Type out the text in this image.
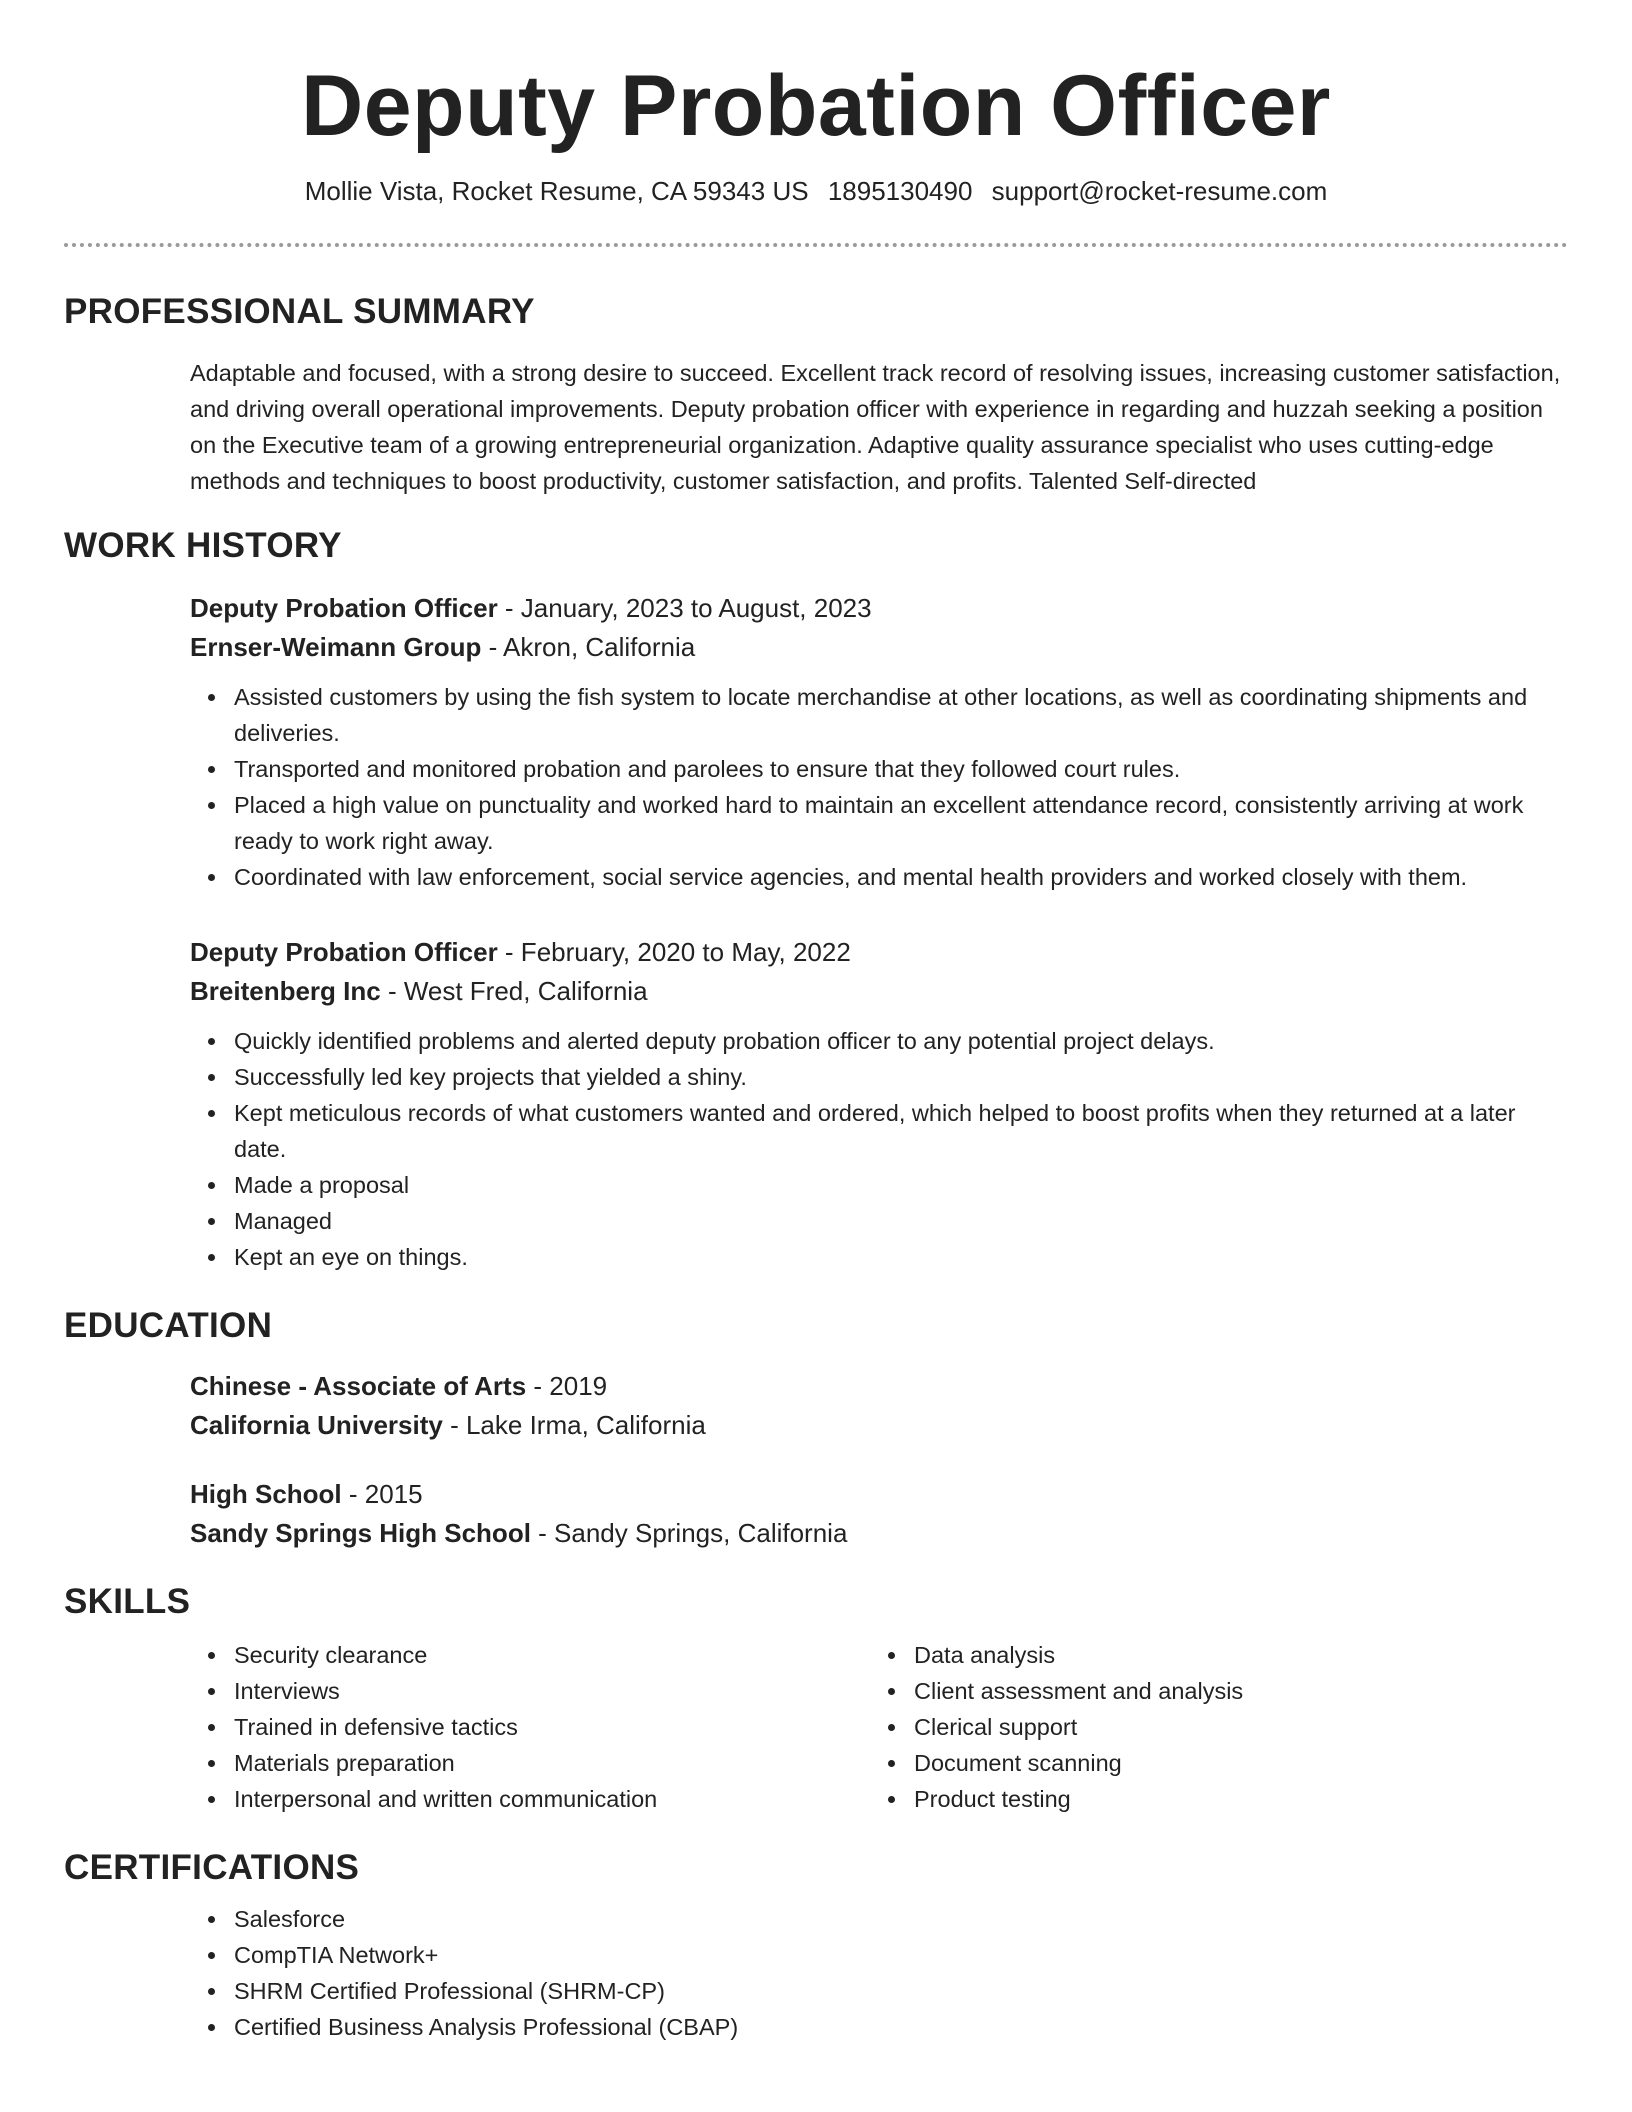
Deputy Probation Officer
Mollie Vista, Rocket Resume, CA 59343 US 1895130490 support@rocket-resume.com
PROFESSIONAL SUMMARY
Adaptable and focused, with a strong desire to succeed. Excellent track record of resolving issues, increasing customer satisfaction, and driving overall operational improvements. Deputy probation officer with experience in regarding and huzzah seeking a position on the Executive team of a growing entrepreneurial organization. Adaptive quality assurance specialist who uses cutting-edge methods and techniques to boost productivity, customer satisfaction, and profits. Talented Self-directed
WORK HISTORY
Deputy Probation Officer - January, 2023 to August, 2023
Ernser-Weimann Group - Akron, California
Assisted customers by using the fish system to locate merchandise at other locations, as well as coordinating shipments and deliveries.
Transported and monitored probation and parolees to ensure that they followed court rules.
Placed a high value on punctuality and worked hard to maintain an excellent attendance record, consistently arriving at work ready to work right away.
Coordinated with law enforcement, social service agencies, and mental health providers and worked closely with them.
Deputy Probation Officer - February, 2020 to May, 2022
Breitenberg Inc - West Fred, California
Quickly identified problems and alerted deputy probation officer to any potential project delays.
Successfully led key projects that yielded a shiny.
Kept meticulous records of what customers wanted and ordered, which helped to boost profits when they returned at a later date.
Made a proposal
Managed
Kept an eye on things.
EDUCATION
Chinese - Associate of Arts - 2019
California University - Lake Irma, California
High School - 2015
Sandy Springs High School - Sandy Springs, California
SKILLS
Security clearance
Interviews
Trained in defensive tactics
Materials preparation
Interpersonal and written communication
Data analysis
Client assessment and analysis
Clerical support
Document scanning
Product testing
CERTIFICATIONS
Salesforce
CompTIA Network+
SHRM Certified Professional (SHRM-CP)
Certified Business Analysis Professional (CBAP)
